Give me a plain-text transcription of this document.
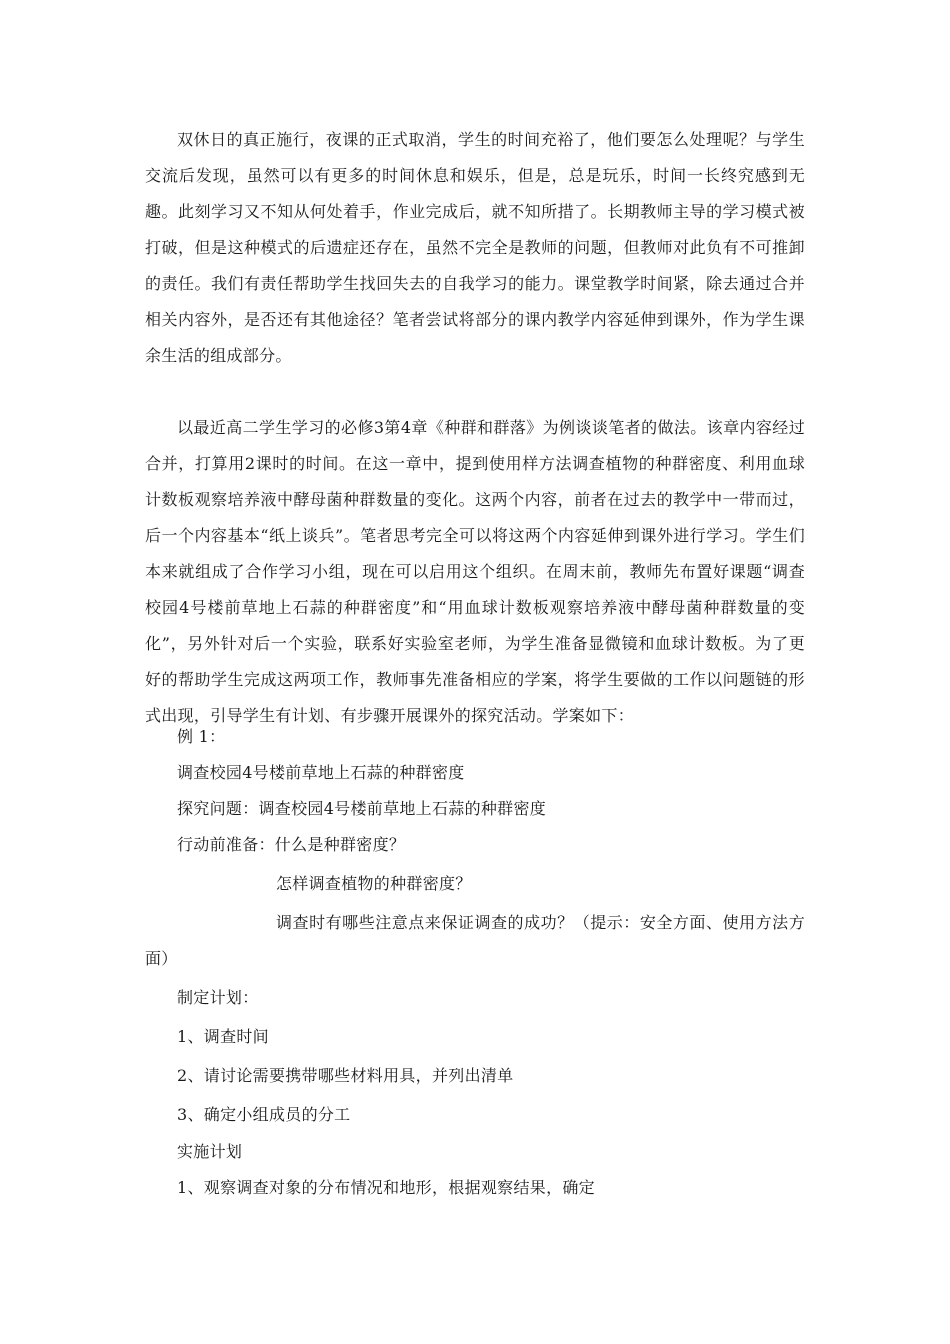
双休日的真正施行，夜课的正式取消，学生的时间充裕了，他们要怎么处理呢？与学生交流后发现，虽然可以有更多的时间休息和娱乐，但是，总是玩乐，时间一长终究感到无趣。此刻学习又不知从何处着手，作业完成后，就不知所措了。长期教师主导的学习模式被打破，但是这种模式的后遗症还存在，虽然不完全是教师的问题，但教师对此负有不可推卸的责任。我们有责任帮助学生找回失去的自我学习的能力。课堂教学时间紧，除去通过合并相关内容外，是否还有其他途径？笔者尝试将部分的课内教学内容延伸到课外，作为学生课余生活的组成部分。

以最近高二学生学习的必修3第4章《种群和群落》为例谈谈笔者的做法。该章内容经过合并，打算用2课时的时间。在这一章中，提到使用样方法调查植物的种群密度、利用血球计数板观察培养液中酵母菌种群数量的变化。这两个内容，前者在过去的教学中一带而过，后一个内容基本“纸上谈兵”。笔者思考完全可以将这两个内容延伸到课外进行学习。学生们本来就组成了合作学习小组，现在可以启用这个组织。在周末前，教师先布置好课题“调查校园4号楼前草地上石蒜的种群密度”和“用血球计数板观察培养液中酵母菌种群数量的变化”，另外针对后一个实验，联系好实验室老师，为学生准备显微镜和血球计数板。为了更好的帮助学生完成这两项工作，教师事先准备相应的学案，将学生要做的工作以问题链的形式出现，引导学生有计划、有步骤开展课外的探究活动。学案如下：

例 1：

调查校园4号楼前草地上石蒜的种群密度

探究问题：调查校园4号楼前草地上石蒜的种群密度

行动前准备：什么是种群密度？

怎样调查植物的种群密度？

调查时有哪些注意点来保证调查的成功？（提示：安全方面、使用方法方面）

制定计划：

1、调查时间

2、请讨论需要携带哪些材料用具，并列出清单

3、确定小组成员的分工

实施计划

1、观察调查对象的分布情况和地形，根据观察结果，确定
